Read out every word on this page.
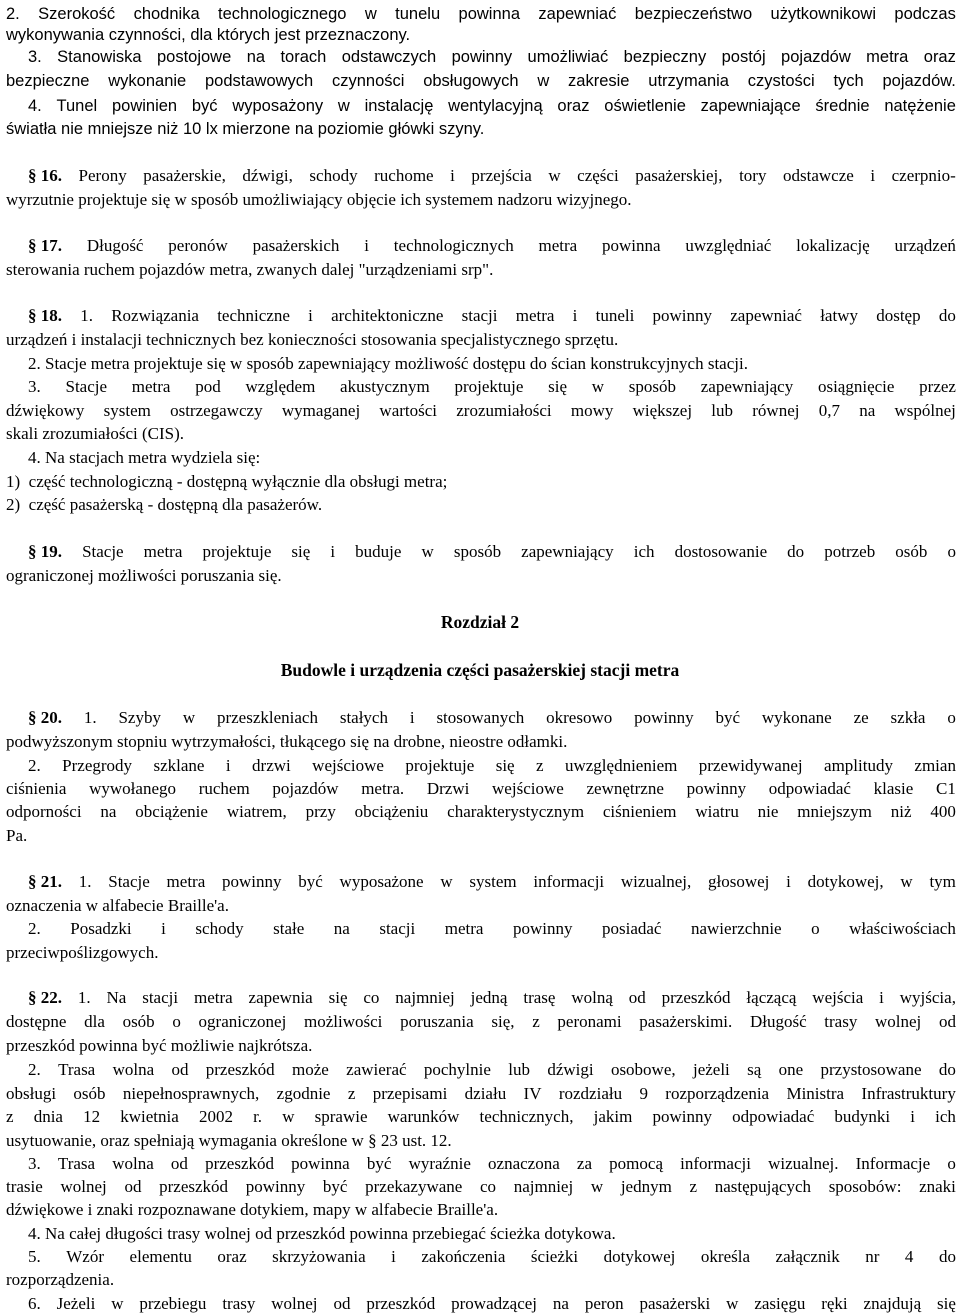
2. Szerokość chodnika technologicznego w tunelu powinna zapewniać bezpieczeństwo użytkownikowi podczas
wykonywania czynności, dla których jest przeznaczony.
3. Stanowiska postojowe na torach odstawczych powinny umożliwiać bezpieczny postój pojazdów metra oraz
bezpieczne wykonanie podstawowych czynności obsługowych w zakresie utrzymania czystości tych pojazdów.
4. Tunel powinien być wyposażony w instalację wentylacyjną oraz oświetlenie zapewniające średnie natężenie
światła nie mniejsze niż 10 lx mierzone na poziomie główki szyny.
§ 16. Perony pasażerskie, dźwigi, schody ruchome i przejścia w części pasażerskiej, tory odstawcze i czerpnio-
wyrzutnie projektuje się w sposób umożliwiający objęcie ich systemem nadzoru wizyjnego.
§ 17. Długość peronów pasażerskich i technologicznych metra powinna uwzględniać lokalizację urządzeń
sterowania ruchem pojazdów metra, zwanych dalej "urządzeniami srp".
§ 18. 1. Rozwiązania techniczne i architektoniczne stacji metra i tuneli powinny zapewniać łatwy dostęp do
urządzeń i instalacji technicznych bez konieczności stosowania specjalistycznego sprzętu.
2. Stacje metra projektuje się w sposób zapewniający możliwość dostępu do ścian konstrukcyjnych stacji.
3. Stacje metra pod względem akustycznym projektuje się w sposób zapewniający osiągnięcie przez
dźwiękowy system ostrzegawczy wymaganej wartości zrozumiałości mowy większej lub równej 0,7 na wspólnej
skali zrozumiałości (CIS).
4. Na stacjach metra wydziela się:
1)  część technologiczną - dostępną wyłącznie dla obsługi metra;
2)  część pasażerską - dostępną dla pasażerów.
§ 19. Stacje metra projektuje się i buduje w sposób zapewniający ich dostosowanie do potrzeb osób o
ograniczonej możliwości poruszania się.
Rozdział 2
Budowle i urządzenia części pasażerskiej stacji metra
§ 20. 1. Szyby w przeszkleniach stałych i stosowanych okresowo powinny być wykonane ze szkła o
podwyższonym stopniu wytrzymałości, tłukącego się na drobne, nieostre odłamki.
2. Przegrody szklane i drzwi wejściowe projektuje się z uwzględnieniem przewidywanej amplitudy zmian
ciśnienia wywołanego ruchem pojazdów metra. Drzwi wejściowe zewnętrzne powinny odpowiadać klasie C1
odporności na obciążenie wiatrem, przy obciążeniu charakterystycznym ciśnieniem wiatru nie mniejszym niż 400
Pa.
§ 21. 1. Stacje metra powinny być wyposażone w system informacji wizualnej, głosowej i dotykowej, w tym
oznaczenia w alfabecie Braille'a.
2. Posadzki i schody stałe na stacji metra powinny posiadać nawierzchnie o właściwościach
przeciwpoślizgowych.
§ 22. 1. Na stacji metra zapewnia się co najmniej jedną trasę wolną od przeszkód łączącą wejścia i wyjścia,
dostępne dla osób o ograniczonej możliwości poruszania się, z peronami pasażerskimi. Długość trasy wolnej od
przeszkód powinna być możliwie najkrótsza.
2. Trasa wolna od przeszkód może zawierać pochylnie lub dźwigi osobowe, jeżeli są one przystosowane do
obsługi osób niepełnosprawnych, zgodnie z przepisami działu IV rozdziału 9 rozporządzenia Ministra Infrastruktury
z dnia 12 kwietnia 2002 r. w sprawie warunków technicznych, jakim powinny odpowiadać budynki i ich
usytuowanie, oraz spełniają wymagania określone w § 23 ust. 12.
3. Trasa wolna od przeszkód powinna być wyraźnie oznaczona za pomocą informacji wizualnej. Informacje o
trasie wolnej od przeszkód powinny być przekazywane co najmniej w jednym z następujących sposobów: znaki
dźwiękowe i znaki rozpoznawane dotykiem, mapy w alfabecie Braille'a.
4. Na całej długości trasy wolnej od przeszkód powinna przebiegać ścieżka dotykowa.
5. Wzór elementu oraz skrzyżowania i zakończenia ścieżki dotykowej określa załącznik nr 4 do
rozporządzenia.
6. Jeżeli w przebiegu trasy wolnej od przeszkód prowadzącej na peron pasażerski w zasięgu ręki znajdują się
